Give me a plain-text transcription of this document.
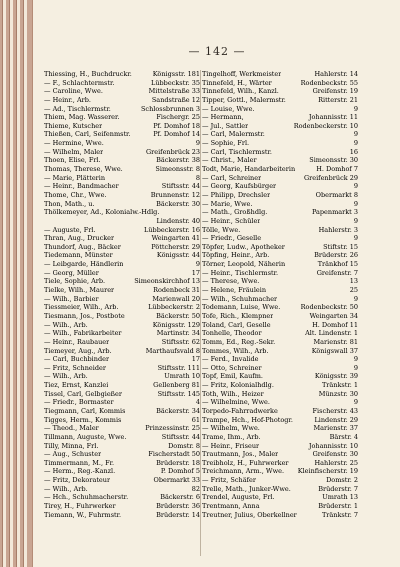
— 142 —
Thiessing, H., Buchdruckr.	Königsstr. 181
— F., Schlachtermstr.	Lübbeckstr. 35
— Caroline, Wwe.	Mittelstraße 33
— Heinr., Arb.	Sandstraße 12
— Ad., Tischlermstr.	Schlossbrunnen 3
Thiem, Mag. Wasserer.	Fischergr. 25
Thieme, Kutscher	Pf. Domhof 18
Thießen, Carl, Seifenmstr.	Pf. Domhof 14
— Hermine, Wwe.	9
— Wilhelm, Maler	Greifenbrück 23
Thoen, Elise, Frl.	Bäckerstr. 38
Thomas, Therese, Wwe.	Simeonsstr. 8
— Marie, Plätterin	8
— Heinr., Bandmacher	Stiftsstr. 44
Thome, Chr., Wwe.	Brunnenstr. 12
Thon, Math., u.	Bäckerstr. 30
Thölkemeyer, Ad., Kolonialw.-Hdlg.
Lindenstr. 40
— Auguste, Frl.	Lübbeckerstr. 16
Thran, Aug., Drucker	Weingarten 41
Thundorf, Aug., Bäcker	Pöttcherstr. 29
Tiedemann, Münster	Königsstr. 44
— Leibgarde, Händlerin	9
— Georg, Müller	17
Tiele, Sophie, Arb.	Simeonskirchhof 13
Tielke, Wilh., Maurer	Rodenbeck 31
— Wilh., Barbier	Marienwall 20
Tiessmeier, Wilh., Arb.	Lübbeckerstr. 2
Tiesmann, Jos., Postbote	Bäckerstr. 50
— Wilh., Arb.	Königsstr. 129
— Wilh., Fabrikarbeiter	Martinstr. 34
— Heinr., Raubauer	Stiftsstr. 62
Tiemeyer, Aug., Arb.	Marthaufsvald 8
— Carl, Buchbinder	17
— Fritz, Schneider	Stiftsstr. 111
— Wilh., Arb.	Umrath 10
Tiez, Ernst, Kanzlei	Gellenberg 81
Tissel, Carl, Gelbgießer	Stiftsstr. 145
— Friedr., Bormaster	4
Tiegmann, Carl, Kommis	Bäckerstr. 34
Tigges, Herm., Kommis	61
— Theod., Maler	Prinzessinstr. 25
Tillmann, Auguste, Wwe.	Stiftsstr. 44
Tilly, Minna, Frl.	Domstr. 8
— Aug., Schuster	Fischerstadt 50
Timmermann, M., Fr.	Brüderstr. 18
— Herm., Reg.-Kanzl.	P. Domhof 5
— Fritz, Dekorateur	Obermarkt 33
— Wilh., Arb.	82
— Hch., Schuhmacherstr.	Bäckerstr. 6
Tirey, H., Fuhrwerker	Brüderstr. 36
Tiemann, W., Fuhrmstr.	Brüderstr. 14
Tingelhoff, Werkmeister	Hahlerstr. 14
Tinnefeld, H., Wärter	Rodenbeckstr. 55
Tinnefeld, Wilh., Kanzl.	Greifenstr. 19
Tipper, Gottl., Malermstr.	Ritterstr. 21
— Louise, Wwe.	9
— Hermann,	Johannisstr. 11
— Jul., Sattler	Rodenbeckerstr. 10
— Carl, Malermstr.	9
— Sophie, Frl.	9
— Carl, Tischlermstr.	16
— Christ., Maler	Simeonsstr. 30
Todt, Marie, Handarbeiterin	H. Domhof 7
— Carl, Schreiner	Greifenbrück 29
— Georg, Kaufsbürger	9
— Philipp, Drechsler	Obermarkt 8
— Marie, Wwe.	9
— Math., Großhdlg.	Papenmarkt 3
— Heinr., Schüler	9
Tölle, Wwe.	Hahlerstr. 3
— Friedr., Geselle	9
Töpfer, Ludw., Apotheker	Stiftstr. 15
Töpfing, Heinr., Arb.	Brüderstr. 26
Törner, Leopold, Näherin	Tränkhof 15
— Heinr., Tischlermstr.	Greifenstr. 7
— Therese, Wwe.	13
— Helene, Fräulein	25
— Wilh., Schuhmacher	9
Todemann, Luise, Wwe.	Rodenbeckstr. 50
Tofe, Rich., Klempner	Weingarten 34
Toland, Carl, Geselle	H. Domhof 11
Tonhelle, Theodor	Alt. Lindenstr. 1
Tomm, Ed., Reg.-Sekr.	Marienstr. 81
Tommes, Wilh., Arb.	Königswall 37
— Ferd., Invalide	9
— Otto, Schreiner	9
Topf, Emil, Kaufm.	Königsstr. 39
— Fritz, Kolonialhdlg.	Tränkstr. 1
Toth, Wilh., Heizer	Münzstr. 30
— Wilhelmine, Wwe.	9
Torpedo-Fahrradwerke	Fischerstr. 43
Trampe, Hch., Hof-Photogr.	Lindenstr. 29
— Wilhelm, Wwe.	Marienstr. 37
Trame, Ihm., Arb.	Bärstr. 4
— Heinr., Friseur	Johannisstr. 10
Trautmann, Jos., Maler	Greifenstr. 30
Treibholz, H., Fuhrwerker	Hahlerstr. 25
Treichmann, Arm., Wwe.	Kleinfischerstr. 19
— Fritz, Schäfer	Domstr. 2
Trelle, Math., Junker-Wwe.	Brüderstr. 7
Trendel, Auguste, Frl.	Umrath 13
Trentmann, Anna	Brüderstr. 1
Treutner, Julius, Oberkellner	Tränkstr. 7
